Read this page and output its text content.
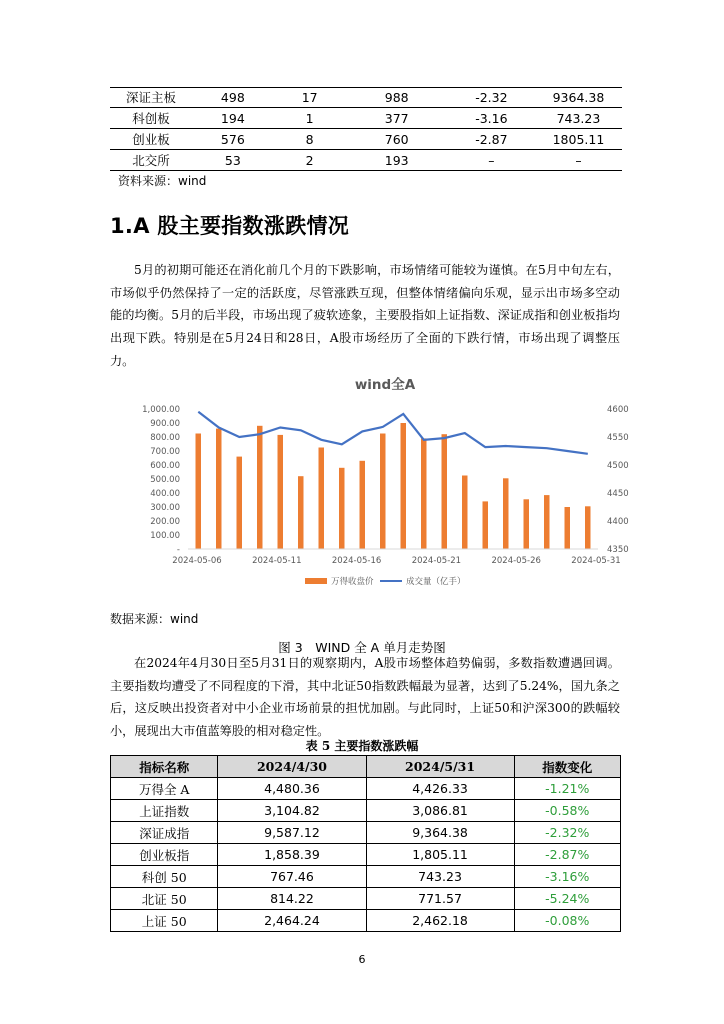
深证主板	498	17	988	-2.32	9364.38
科创板	194	1	377	-3.16	743.23
创业板	576	8	760	-2.87	1805.11
北交所	53	2	193	–	–
资料来源：wind
1.A 股主要指数涨跌情况

5月的初期可能还在消化前几个月的下跌影响，市场情绪可能较为谨慎。在5月中旬左右，市场似乎仍然保持了一定的活跃度，尽管涨跌互现，但整体情绪偏向乐观，显示出市场多空动能的均衡。5月的后半段，市场出现了疲软迹象，主要股指如上证指数、深证成指和创业板指均出现下跌。特别是在5月24日和28日，A股市场经历了全面的下跌行情，市场出现了调整压力。

wind全A
1,000.00
900.00
800.00
700.00
600.00
500.00
400.00
300.00
200.00
100.00
-
4600
4550
4500
4450
4400
4350
2024-05-06	2024-05-11	2024-05-16	2024-05-21	2024-05-26	2024-05-31
万得收盘价	成交量（亿手）
数据来源：wind
图 3　WIND 全 A 单月走势图

在2024年4月30日至5月31日的观察期内，A股市场整体趋势偏弱，多数指数遭遇回调。主要指数均遭受了不同程度的下滑，其中北证50指数跌幅最为显著，达到了5.24%，国九条之后，这反映出投资者对中小企业市场前景的担忧加剧。与此同时，上证50和沪深300的跌幅较小，展现出大市值蓝筹股的相对稳定性。

表 5 主要指数涨跌幅
指标名称	2024/4/30	2024/5/31	指数变化
万得全 A	4,480.36	4,426.33	-1.21%
上证指数	3,104.82	3,086.81	-0.58%
深证成指	9,587.12	9,364.38	-2.32%
创业板指	1,858.39	1,805.11	-2.87%
科创 50	767.46	743.23	-3.16%
北证 50	814.22	771.57	-5.24%
上证 50	2,464.24	2,462.18	-0.08%
6
